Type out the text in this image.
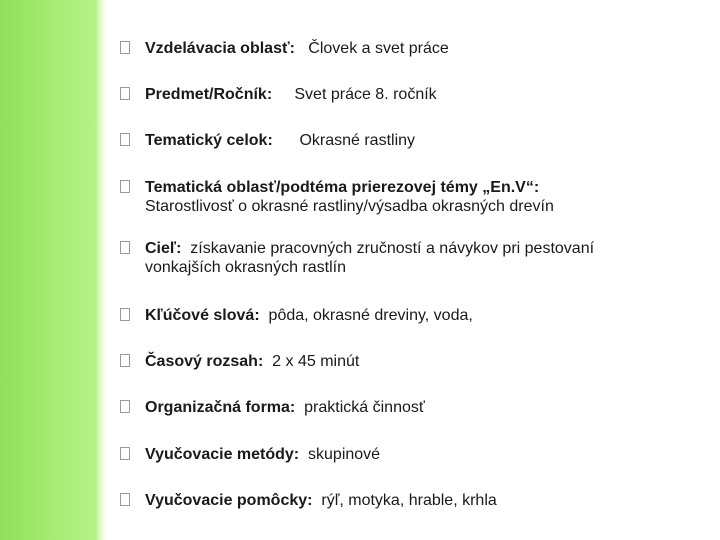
Vzdelávacia oblasť: Človek a svet práce
Predmet/Ročník: Svet práce 8. ročník
Tematický celok: Okrasné rastliny
Tematická oblasť/podtéma prierezovej témy „En.V“:
Starostlivosť o okrasné rastliny/výsadba okrasných drevín
Cieľ: získavanie pracovných zručností a návykov pri pestovaní
vonkajších okrasných rastlín
Kľúčové slová: pôda, okrasné dreviny, voda,
Časový rozsah: 2 x 45 minút
Organizačná forma: praktická činnosť
Vyučovacie metódy: skupinové
Vyučovacie pomôcky: rýľ, motyka, hrable, krhla
